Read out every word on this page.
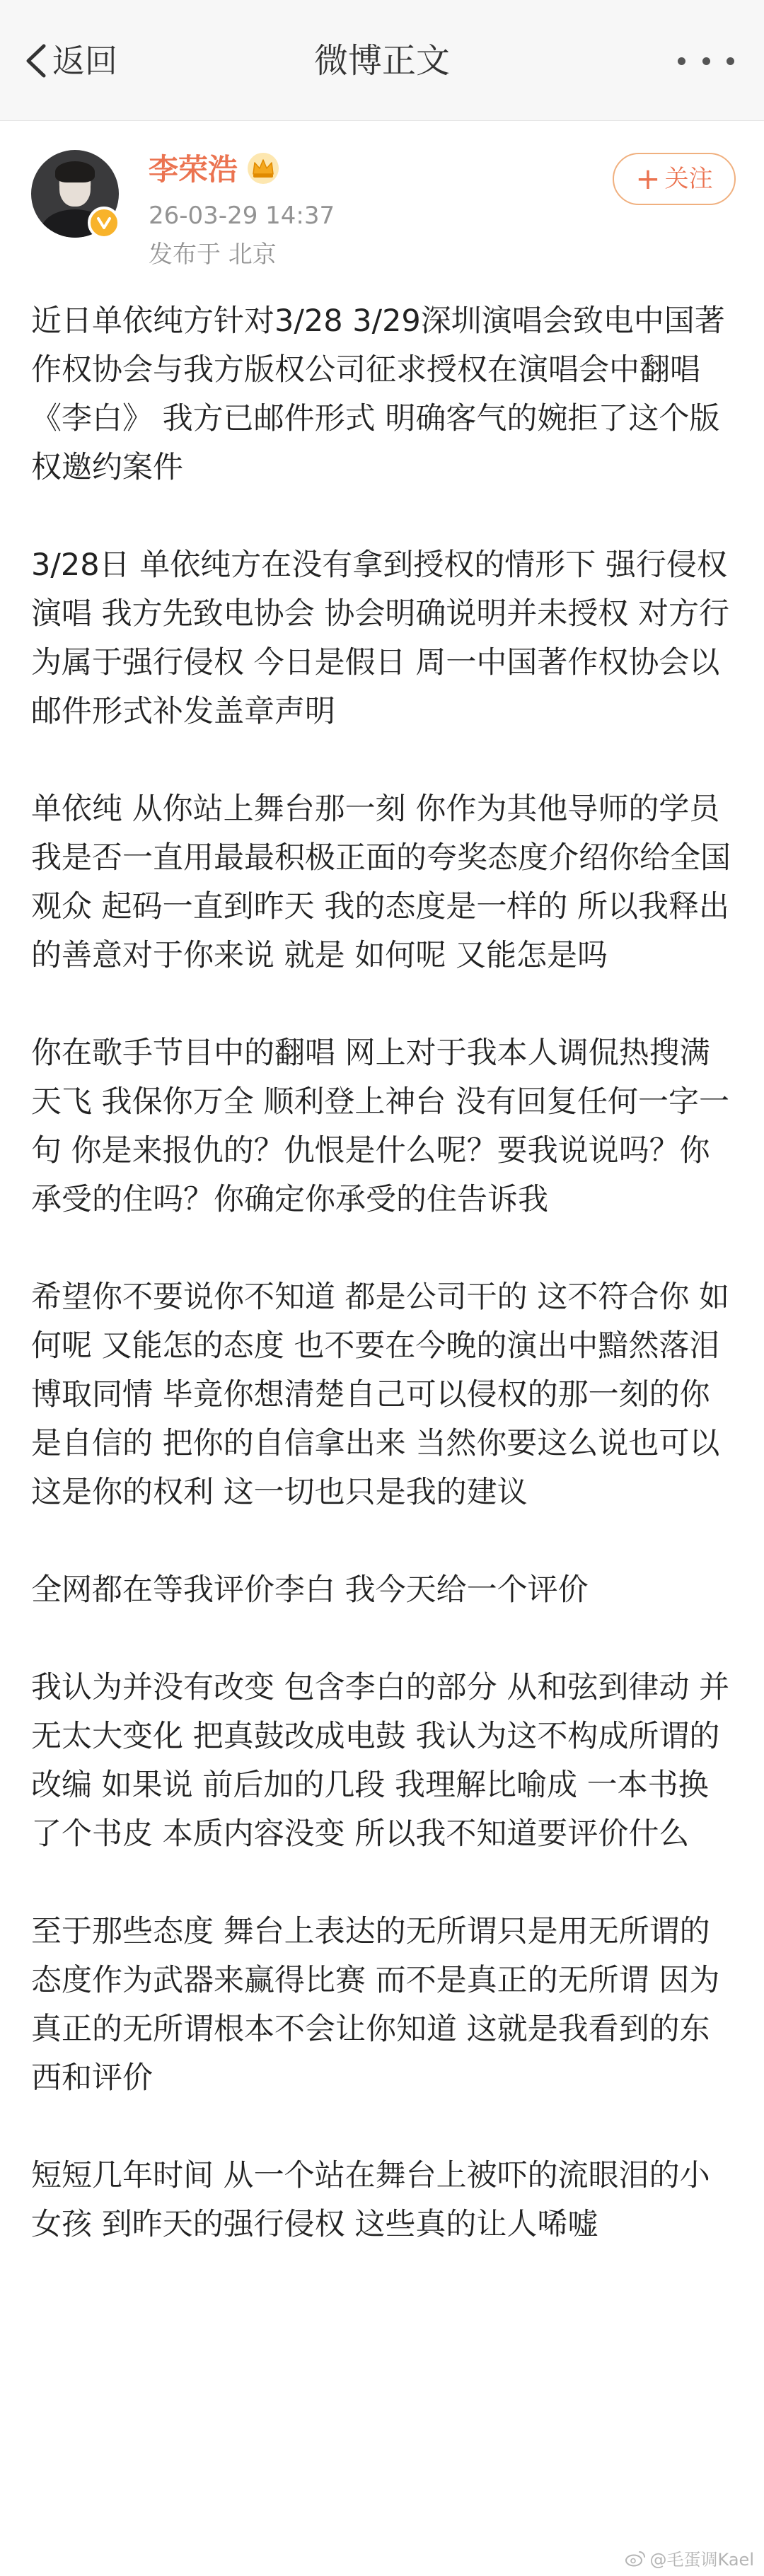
返回	微博正文
李荣浩
26-03-29 14:37
发布于 北京
+ 关注

近日单依纯方针对3/28 3/29深圳演唱会致电中国著作权协会与我方版权公司征求授权在演唱会中翻唱《李白》 我方已邮件形式 明确客气的婉拒了这个版权邀约案件

3/28日 单依纯方在没有拿到授权的情形下 强行侵权演唱 我方先致电协会 协会明确说明并未授权 对方行为属于强行侵权 今日是假日 周一中国著作权协会以邮件形式补发盖章声明

单依纯 从你站上舞台那一刻 你作为其他导师的学员 我是否一直用最最积极正面的夸奖态度介绍你给全国观众 起码一直到昨天 我的态度是一样的 所以我释出的善意对于你来说 就是 如何呢 又能怎是吗

你在歌手节目中的翻唱 网上对于我本人调侃热搜满天飞 我保你万全 顺利登上神台 没有回复任何一字一句 你是来报仇的？仇恨是什么呢？要我说说吗？你承受的住吗？你确定你承受的住告诉我

希望你不要说你不知道 都是公司干的 这不符合你 如何呢 又能怎的态度 也不要在今晚的演出中黯然落泪 博取同情 毕竟你想清楚自己可以侵权的那一刻的你是自信的 把你的自信拿出来 当然你要这么说也可以 这是你的权利 这一切也只是我的建议

全网都在等我评价李白 我今天给一个评价

我认为并没有改变 包含李白的部分 从和弦到律动 并无太大变化 把真鼓改成电鼓 我认为这不构成所谓的改编 如果说 前后加的几段 我理解比喻成 一本书换了个书皮 本质内容没变 所以我不知道要评价什么

至于那些态度 舞台上表达的无所谓只是用无所谓的态度作为武器来赢得比赛 而不是真正的无所谓 因为真正的无所谓根本不会让你知道 这就是我看到的东西和评价

短短几年时间 从一个站在舞台上被吓的流眼泪的小女孩 到昨天的强行侵权 这些真的让人唏嘘

@毛蛋调Kael
